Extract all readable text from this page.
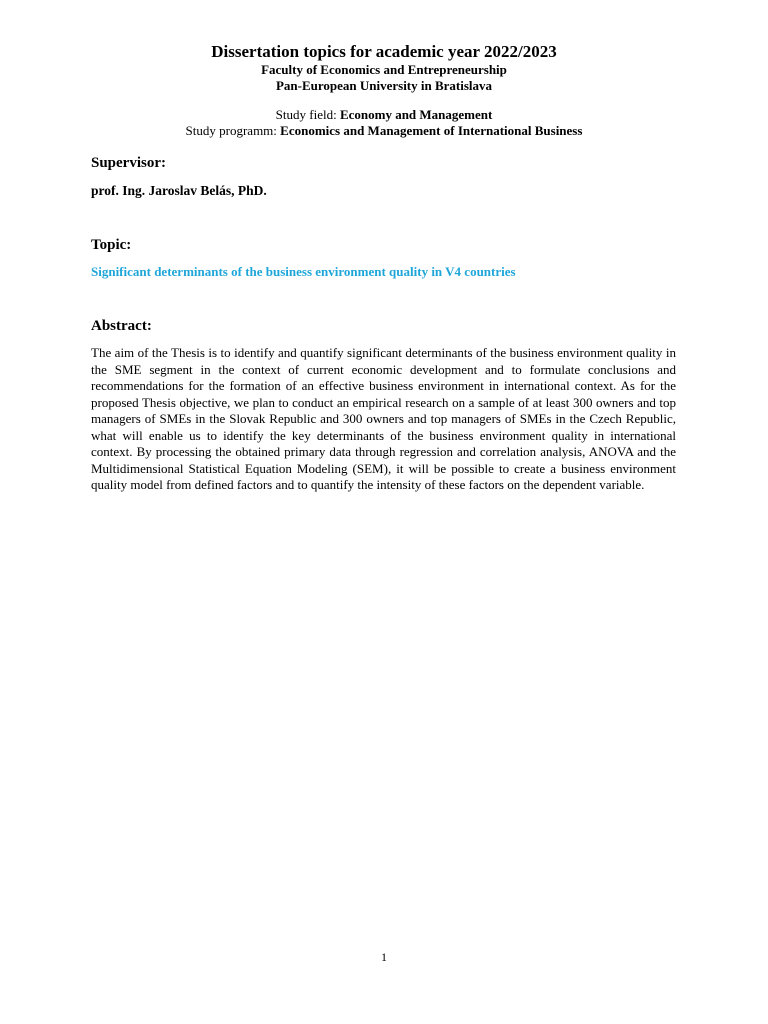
Dissertation topics for academic year 2022/2023
Faculty of Economics and Entrepreneurship
Pan-European University in Bratislava
Study field: Economy and Management
Study programm: Economics and Management of International Business
Supervisor:
prof. Ing. Jaroslav Belás, PhD.
Topic:
Significant determinants of the business environment quality in V4 countries
Abstract:
The aim of the Thesis is to identify and quantify significant determinants of the business environment quality in the SME segment in the context of current economic development and to formulate conclusions and recommendations for the formation of an effective business environment in international context. As for the proposed Thesis objective, we plan to conduct an empirical research on a sample of at least 300 owners and top managers of SMEs in the Slovak Republic and 300 owners and top managers of SMEs in the Czech Republic, what will enable us to identify the key determinants of the business environment quality in international context. By processing the obtained primary data through regression and correlation analysis, ANOVA and the Multidimensional Statistical Equation Modeling (SEM), it will be possible to create a business environment quality model from defined factors and to quantify the intensity of these factors on the dependent variable.
1
